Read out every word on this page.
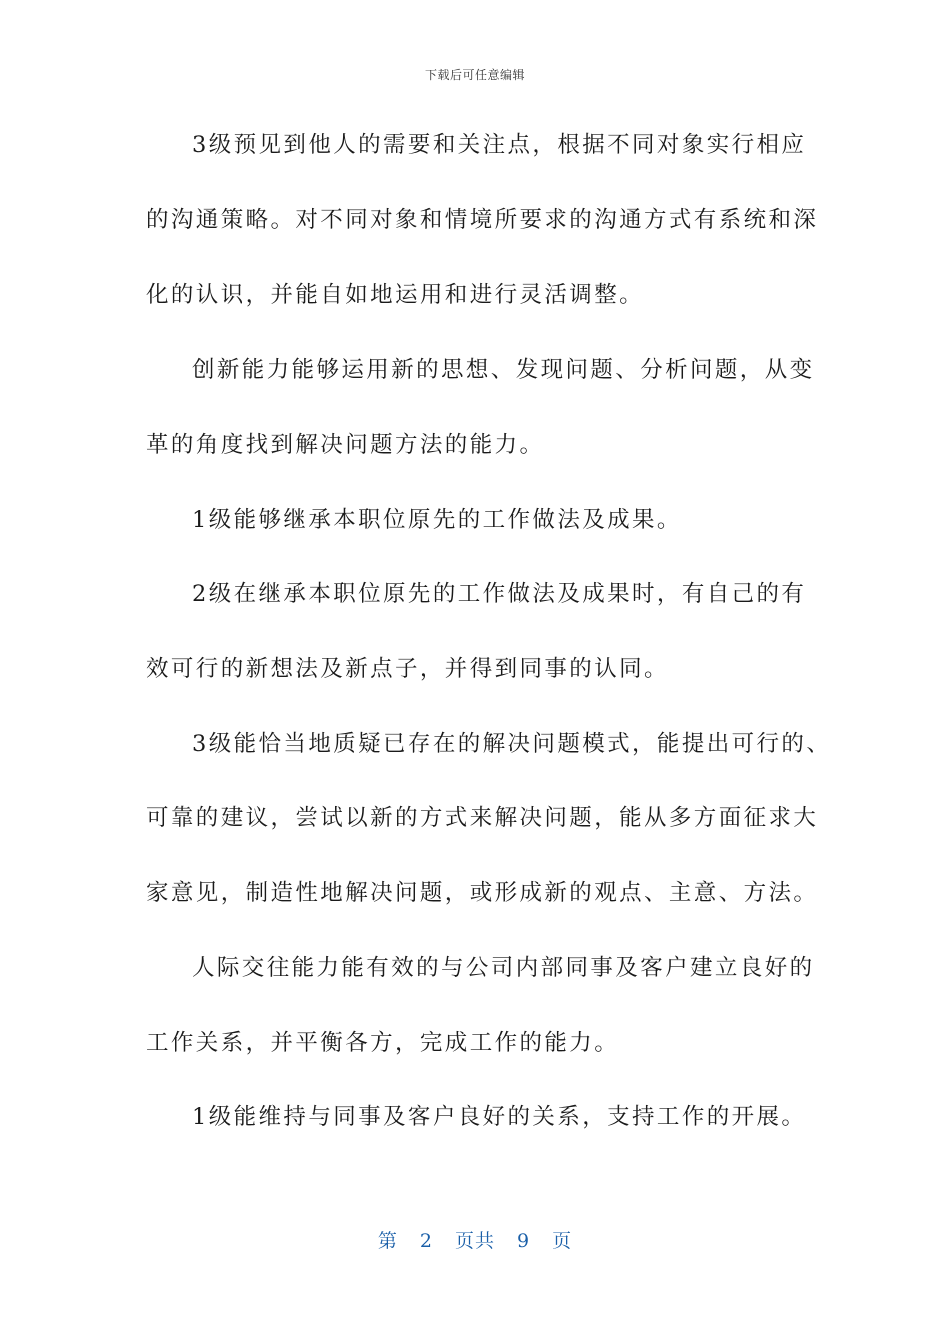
下载后可任意编辑
3级预见到他人的需要和关注点，根据不同对象实行相应
的沟通策略。对不同对象和情境所要求的沟通方式有系统和深
化的认识，并能自如地运用和进行灵活调整。
创新能力能够运用新的思想、发现问题、分析问题，从变
革的角度找到解决问题方法的能力。
1级能够继承本职位原先的工作做法及成果。
2级在继承本职位原先的工作做法及成果时，有自己的有
效可行的新想法及新点子，并得到同事的认同。
3级能恰当地质疑已存在的解决问题模式，能提出可行的、
可靠的建议，尝试以新的方式来解决问题，能从多方面征求大
家意见，制造性地解决问题，或形成新的观点、主意、方法。
人际交往能力能有效的与公司内部同事及客户建立良好的
工作关系，并平衡各方，完成工作的能力。
1级能维持与同事及客户良好的关系，支持工作的开展。
第 2 页共 9 页
